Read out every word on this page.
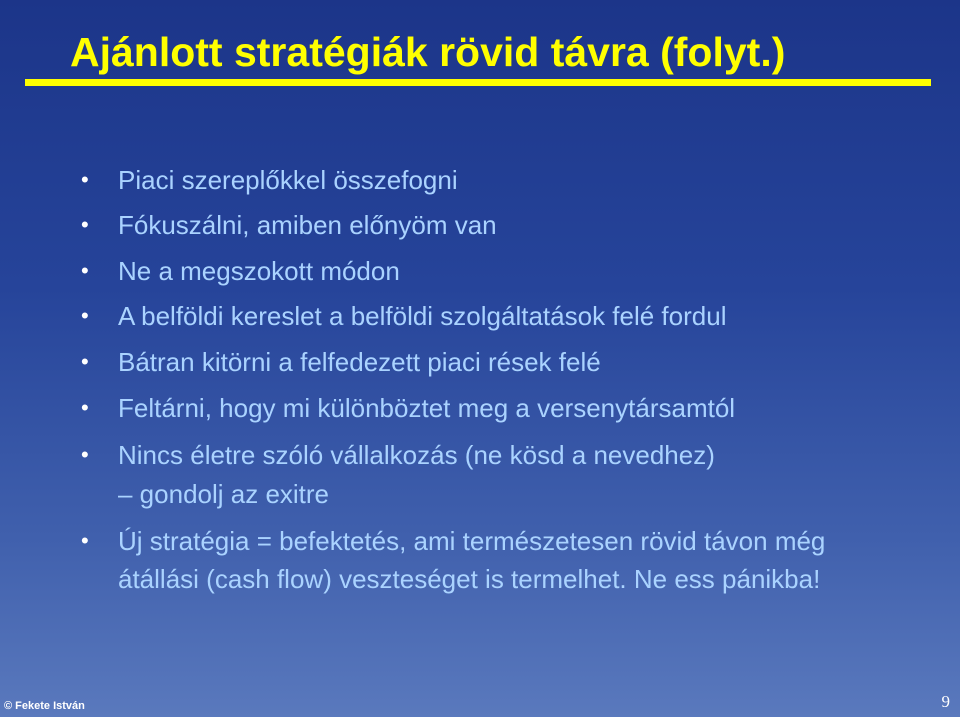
Ajánlott stratégiák rövid távra (folyt.)
• Piaci szereplőkkel összefogni
• Fókuszálni, amiben előnyöm van
• Ne a megszokott módon
• A belföldi kereslet a belföldi szolgáltatások felé fordul
• Bátran kitörni a felfedezett piaci rések felé
• Feltárni, hogy mi különböztet meg a versenytársamtól
• Nincs életre szóló vállalkozás (ne kösd a nevedhez)
– gondolj az exitre
• Új stratégia = befektetés, ami természetesen rövid távon még átállási (cash flow) veszteséget is termelhet. Ne ess pánikba!
© Fekete István	9
